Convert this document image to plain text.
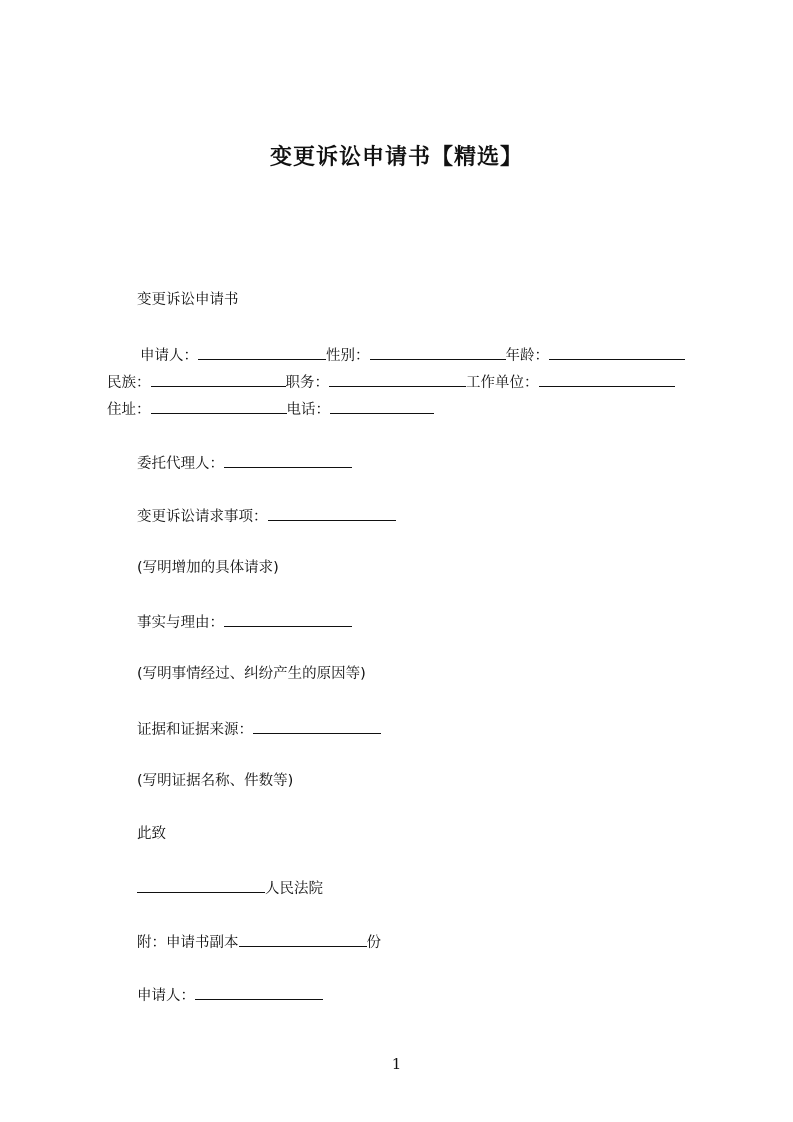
变更诉讼申请书【精选】
变更诉讼申请书
申请人：	性别：	年龄：
民族：	职务：	工作单位：
住址：	电话：
委托代理人：
变更诉讼请求事项：
(写明增加的具体请求)
事实与理由：
(写明事情经过、纠纷产生的原因等)
证据和证据来源：
(写明证据名称、件数等)
此致
人民法院
附：申请书副本	份
申请人：
1
